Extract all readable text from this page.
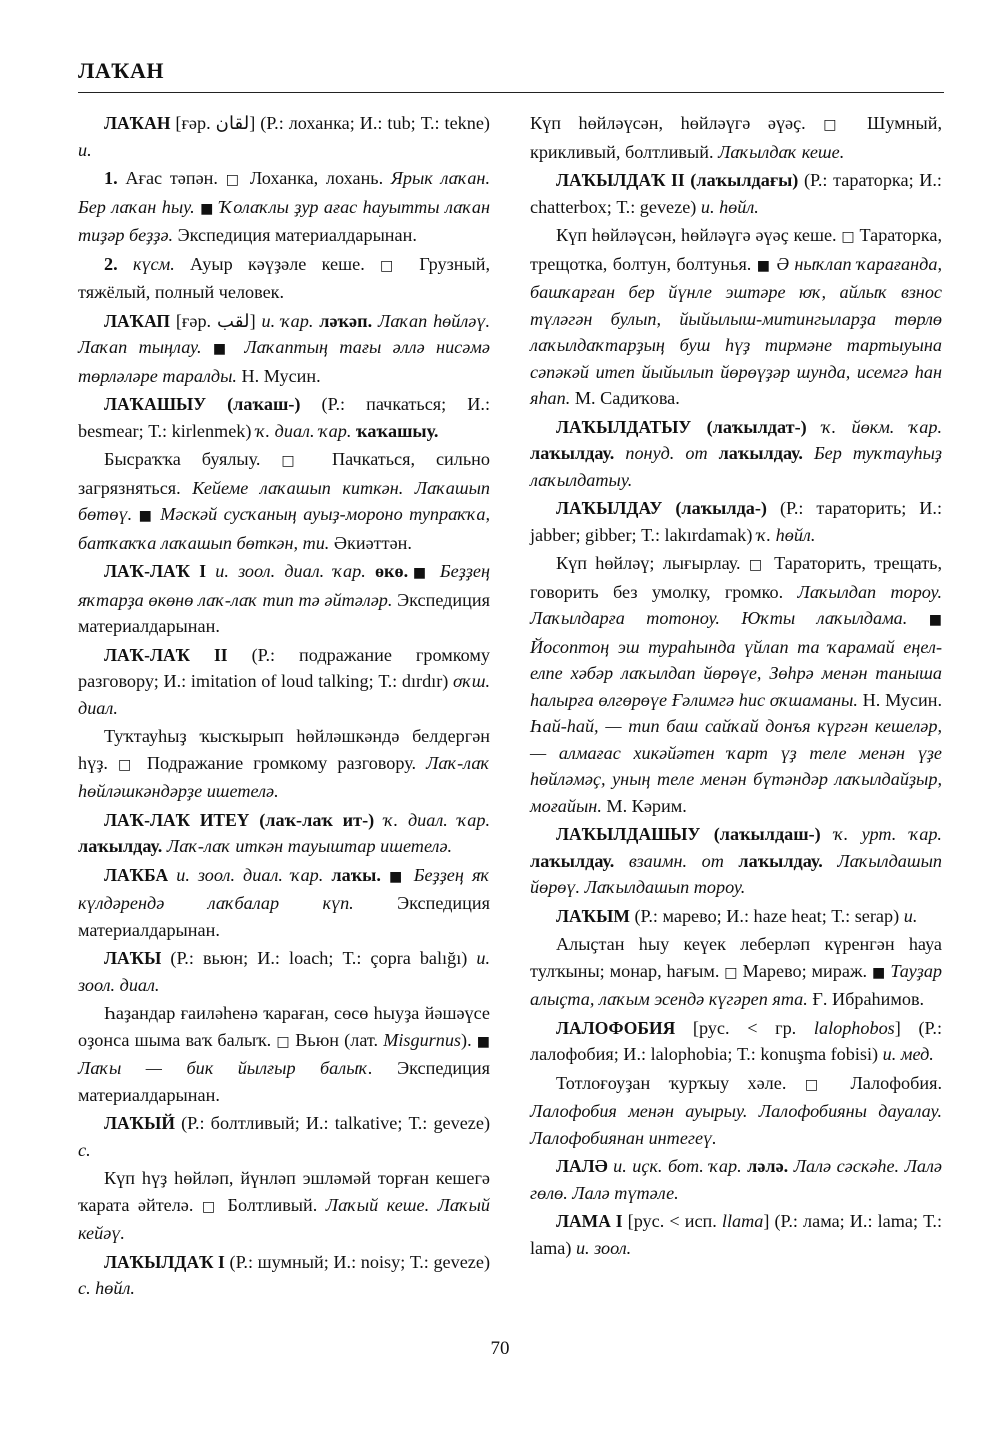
ЛАҠАН

ЛАҠАН [ғәр. لقان] (Р.: лоханка; И.: tub; Т.: tekne) и.

1. Ағас тәпән. □ Лоханка, лохань. Ярык лаҡан. Бер лаҡан һыу. ■ Ҡолаҡлы ҙур ағас һауытты лаҡан тиҙәр беҙҙә. Экспедиция материалдарынан.

2. күсм. Ауыр кәүҙәле кеше. □ Грузный, тяжёлый, полный человек.

ЛАҠАП [ғәр. لقب] и. ҡар. ләҡәп. Лаҡап һөйләү. Лаҡап тыңлау. ■ Лаҡаптың тағы әллә нисәмә төрләләре таралды. Н. Мусин.

ЛАҠАШЫУ (лаҡаш-) (Р.: пачкаться; И.: besmear; Т.: kirlenmek) ҡ. диал. ҡар. ҡаҡашыу.

Бысраҡҡа буялыу. □ Пачкаться, сильно загрязняться. Кейеме лаҡашып киткән. Лаҡашып бөтөү. ■ Мәскәй сусҡаның ауыҙ-мороно тупраҡҡа, батҡаҡҡа лаҡашып бөткән, ти. Әкиәттән.

ЛАҠ-ЛАҠ I и. зоол. диал. ҡар. өкө.■ Беҙҙең яҡтарҙа өкөнө лаҡ-лаҡ тип тә әйтәләр. Экспедиция материалдарынан.

ЛАҠ-ЛАҠ II (Р.: подражание громкому разговору; И.: imitation of loud talking; Т.: dırdır) оҡш. диал.

Туҡтауһыҙ ҡысҡырып һөйләшкәндә белдергән һүҙ. □ Подражание громкому разговору. Лаҡ-лаҡ һөйләшкәндәрҙе ишетелә.

ЛАҠ-ЛАҠ ИТЕҮ (лаҡ-лаҡ ит-) ҡ. диал. ҡар. лаҡылдау. Лаҡ-лаҡ иткән тауыштар ишетелә.

ЛАҠБА и. зоол. диал. ҡар. лаҡы. ■ Беҙҙең яҡ күлдәрендә лаҡбалар күп. Экспедиция материалдарынан.

ЛАҠЫ (Р.: вьюн; И.: loach; Т.: çopra balığı) и. зоол. диал.

Һаҙандар ғаиләһенә ҡараған, сөсө һыуҙа йәшәүсе оҙонса шыма ваҡ балыҡ. □ Вьюн (лат. Misgurnus). ■ Лаҡы — бик йылғыр балыҡ. Экспедиция материалдарынан.

ЛАҠЫЙ (Р.: болтливый; И.: talkative; Т.: geveze) с.

Күп һүҙ һөйләп, йүнләп эшләмәй торған кешегә ҡарата әйтелә. □ Болтливый. Лаҡый кеше. Лаҡый кейәү.

ЛАҠЫЛДАҠ I (Р.: шумный; И.: noisy; Т.: geveze) с. һөйл.

Күп һөйләүсән, һөйләүгә әүәҫ. □ Шумный, крикливый, болтливый. Лаҡылдаҡ кеше.

ЛАҠЫЛДАҠ II (лаҡылдағы) (Р.: тараторка; И.: chatterbox; Т.: geveze) и. һөйл.

Күп һөйләүсән, һөйләүгә әүәҫ кеше. □ Тараторка, трещотка, болтун, болтунья. ■ Ә ныҡлап ҡарағанда, башҡарған бер йүнле эштәре юҡ, айлыҡ взнос түләгән булып, йыйылыш-митингыларҙа төрлө лаҡылдаҡтарҙың буш һүҙ тирмәне тартыуына сәпәкәй итеп йыйылып йөрөүҙәр шунда, исемгә һан яһап. М. Садиҡова.

ЛАҠЫЛДАТЫУ (лаҡылдат-) ҡ. йөкм. ҡар. лаҡылдау. понуд. от лаҡылдау. Бер туҡтауһыҙ лаҡылдатыу.

ЛАҠЫЛДАУ (лаҡылда-) (Р.: тараторить; И.: jabber; gibber; Т.: lakırdamak) ҡ. һөйл.

Күп һөйләү; лығырлау. □ Тараторить, трещать, говорить без умолку, громко. Лаҡылдап тороу. Лаҡылдарға тотоноу. Юҡты лаҡылдама. ■ Йосоптоң эш тураһында үйлап та ҡарамай еңел-елпе хәбәр лаҡылдап йөрөүе, Зөһрә менән таныша һалырға өлгөрөүе Ғәлимгә һис оҡшаманы. Н. Мусин. Һай-һай, — тип баш сайҡай донъя күргән кешеләр, — алмағас хикәйәтен ҡарт үҙ теле менән үҙе һөйләмәҫ, уның теле менән бүтәндәр лаҡылдайҙыр, моғайын. М. Кәрим.

ЛАҠЫЛДАШЫУ (лаҡылдаш-) ҡ. урт. ҡар. лаҡылдау. взаимн. от лаҡылдау. Лаҡылдашып йөрөү. Лаҡылдашып тороу.

ЛАҠЫМ (Р.: марево; И.: haze heat; Т.: serap) и.

Алыҫтан һыу кеүек леберләп күренгән һауа тулҡыны; монар, һағым. □ Марево; мираж. ■ Тауҙар алыҫта, лаҡым эсендә күгәреп ята. Ғ. Ибраһимов.

ЛАЛОФОБИЯ [рус. < гр. lalophobos] (Р.: лалофобия; И.: lalophobia; Т.: konuşma fobisi) и. мед.

Тотлоғоуҙан ҡурҡыу хәле. □ Лалофобия. Лалофобия менән ауырыу. Лалофобияны дауалау. Лалофобиянан интегеү.

ЛАЛӘ и. иҫк. бот. ҡар. ләлә. Лалә сәскәһе. Лалә гөлө. Лалә түтәле.

ЛАМА I [рус. < исп. llama] (Р.: лама; И.: lama; Т.: lama) и. зоол.

70
